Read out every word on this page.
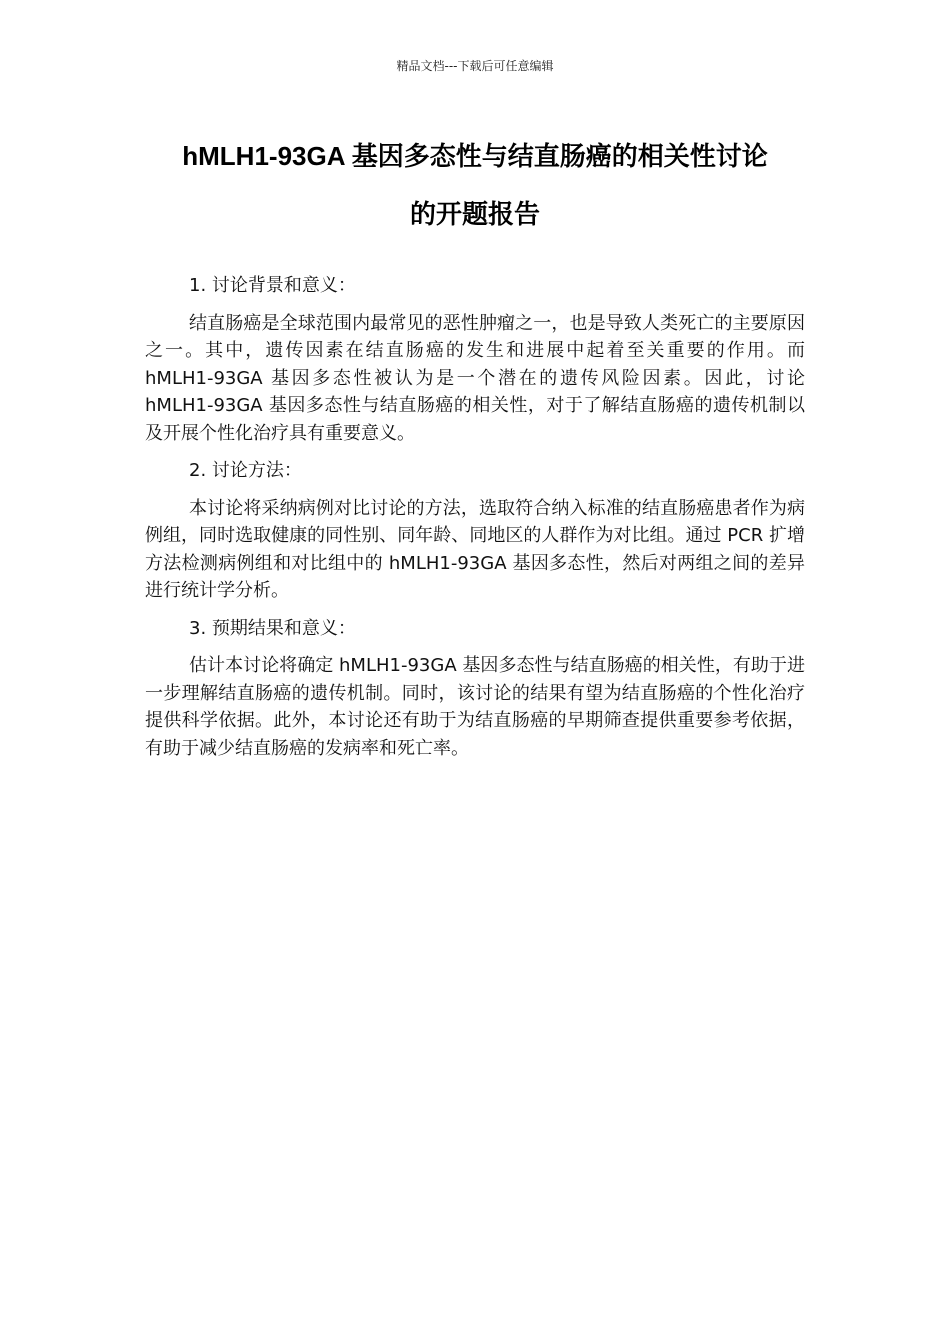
精品文档---下载后可任意编辑
hMLH1-93GA 基因多态性与结直肠癌的相关性讨论
的开题报告

1. 讨论背景和意义：

结直肠癌是全球范围内最常见的恶性肿瘤之一，也是导致人类死亡的主要原因之一。其中，遗传因素在结直肠癌的发生和进展中起着至关重要的作用。而 hMLH1-93GA 基因多态性被认为是一个潜在的遗传风险因素。因此，讨论 hMLH1-93GA 基因多态性与结直肠癌的相关性，对于了解结直肠癌的遗传机制以及开展个性化治疗具有重要意义。

2. 讨论方法：

本讨论将采纳病例对比讨论的方法，选取符合纳入标准的结直肠癌患者作为病例组，同时选取健康的同性别、同年龄、同地区的人群作为对比组。通过 PCR 扩增方法检测病例组和对比组中的 hMLH1-93GA 基因多态性，然后对两组之间的差异进行统计学分析。

3. 预期结果和意义：

估计本讨论将确定 hMLH1-93GA 基因多态性与结直肠癌的相关性，有助于进一步理解结直肠癌的遗传机制。同时，该讨论的结果有望为结直肠癌的个性化治疗提供科学依据。此外，本讨论还有助于为结直肠癌的早期筛查提供重要参考依据，有助于减少结直肠癌的发病率和死亡率。
